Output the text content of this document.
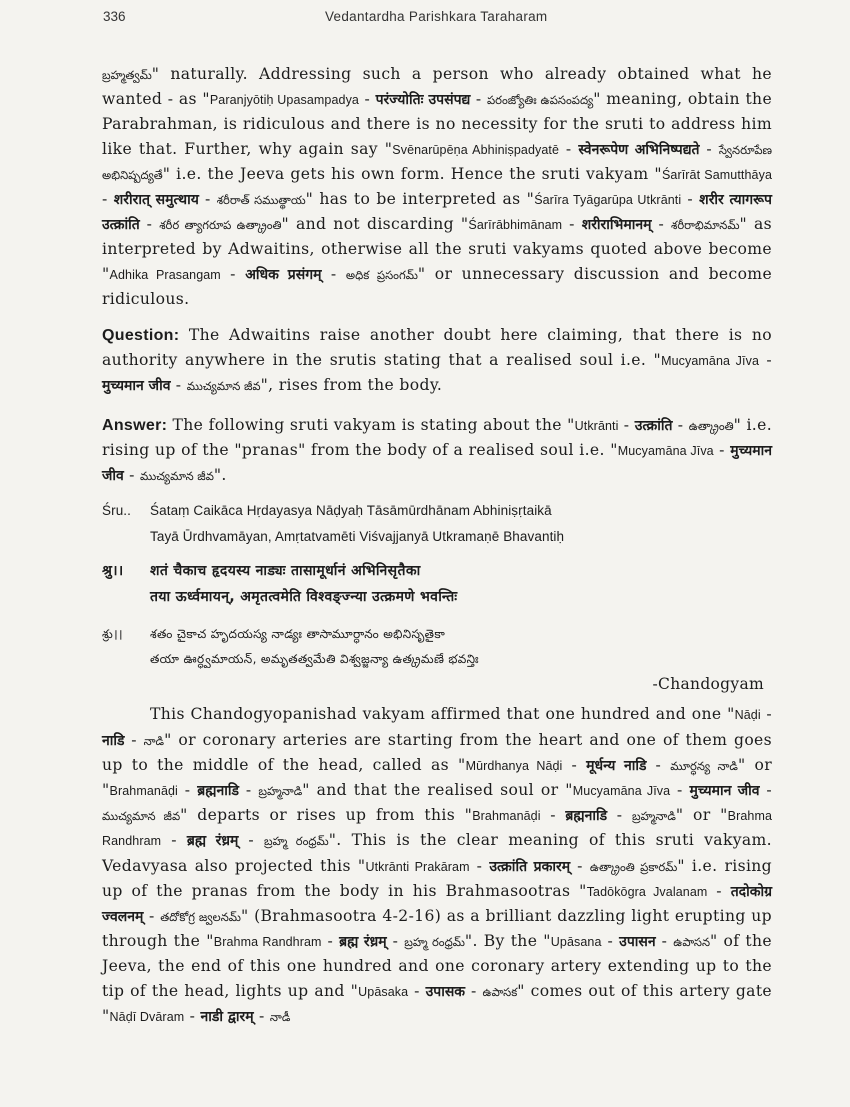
336	Vedantardha Parishkara Taraharam

బ్రహ్మత్వమ్" naturally. Addressing such a person who already obtained what he wanted - as "Paranjyōtiḥ Upasampadya - परंज्योतिः उपसंपद्य - పరంజ్యోతిః ఉపసంపద్య" meaning, obtain the Parabrahman, is ridiculous and there is no necessity for the sruti to address him like that. Further, why again say "Svēnarūpēṇa Abhiniṣpadyatē - स्वेनरूपेण अभिनिष्पद्यते - స్వేనరూపేణ అభినిష్పద్యతే" i.e. the Jeeva gets his own form. Hence the sruti vakyam "Śarīrāt Samutthāya - शरीरात् समुत्थाय - శరీరాత్ సముత్థాయ" has to be interpreted as "Śarīra Tyāgarūpa Utkrānti - शरीर त्यागरूप उत्क्रांति - శరీర త్యాగరూప ఉత్క్రాంతి" and not discarding "Śarīrābhimānam - शरीराभिमानम् - శరీరాభిమానమ్" as interpreted by Adwaitins, otherwise all the sruti vakyams quoted above become "Adhika Prasangam - अधिक प्रसंगम् - అధిక ప్రసంగమ్" or unnecessary discussion and become ridiculous.

Question: The Adwaitins raise another doubt here claiming, that there is no authority anywhere in the srutis stating that a realised soul i.e. "Mucyamāna Jīva - मुच्यमान जीव - ముచ్యమాన జీవ", rises from the body.

Answer: The following sruti vakyam is stating about the "Utkrānti - उत्क्रांति - ఉత్క్రాంతి" i.e. rising up of the "pranas" from the body of a realised soul i.e. "Mucyamāna Jīva - मुच्यमान जीव - ముచ్యమాన జీవ".

Śru..	Śataṃ Caikāca Hṛdayasya Nāḍyaḥ Tāsāmūrdhānam Abhiniṣṛtaikā
Tayā Ūrdhvamāyan, Amṛtatvamēti Viśvajjanyā Utkramaṇē Bhavantiḥ
श्रु।।	शतं चैकाच हृदयस्य नाड्यः तासामूर्धानं अभिनिसृतैका
तया ऊर्ध्वमायन्, अमृतत्वमेति विश्वङ्ज्न्या उत्क्रमणे भवन्तिः
శ్రు।।	శతం చైకాచ హృదయస్య నాడ్యః తాసామూర్ధానం అభినిసృతైకా
తయా ఊర్ధ్వమాయన్, అమృతత్వమేతి విశ్వజ్జన్యా ఉత్క్రమణే భవన్తిః
-Chandogyam

This Chandogyopanishad vakyam affirmed that one hundred and one "Nāḍi - नाडि - నాడి" or coronary arteries are starting from the heart and one of them goes up to the middle of the head, called as "Mūrdhanya Nāḍi - मूर्धन्य नाडि - మూర్ధన్య నాడి" or "Brahmanāḍi - ब्रह्मनाडि - బ్రహ్మనాడి" and that the realised soul or "Mucyamāna Jīva - मुच्यमान जीव - ముచ్యమాన జీవ" departs or rises up from this "Brahmanāḍi - ब्रह्मनाडि - బ్రహ్మనాడి" or "Brahma Randhram - ब्रह्म रंध्रम् - బ్రహ్మ రంధ్రమ్". This is the clear meaning of this sruti vakyam. Vedavyasa also projected this "Utkrānti Prakāram - उत्क्रांति प्रकारम् - ఉత్క్రాంతి ప్రకారమ్" i.e. rising up of the pranas from the body in his Brahmasootras "Tadōkōgra Jvalanam - तदोकोग्र ज्वलनम् - తదోకోగ్ర జ్వలనమ్" (Brahmasootra 4-2-16) as a brilliant dazzling light erupting up through the "Brahma Randhram - ब्रह्म रंध्रम् - బ్రహ్మ రంధ్రమ్". By the "Upāsana - उपासन - ఉపాసన" of the Jeeva, the end of this one hundred and one coronary artery extending up to the tip of the head, lights up and "Upāsaka - उपासक - ఉపాసక" comes out of this artery gate "Nāḍī Dvāram - नाडी द्वारम् - నాడీ
